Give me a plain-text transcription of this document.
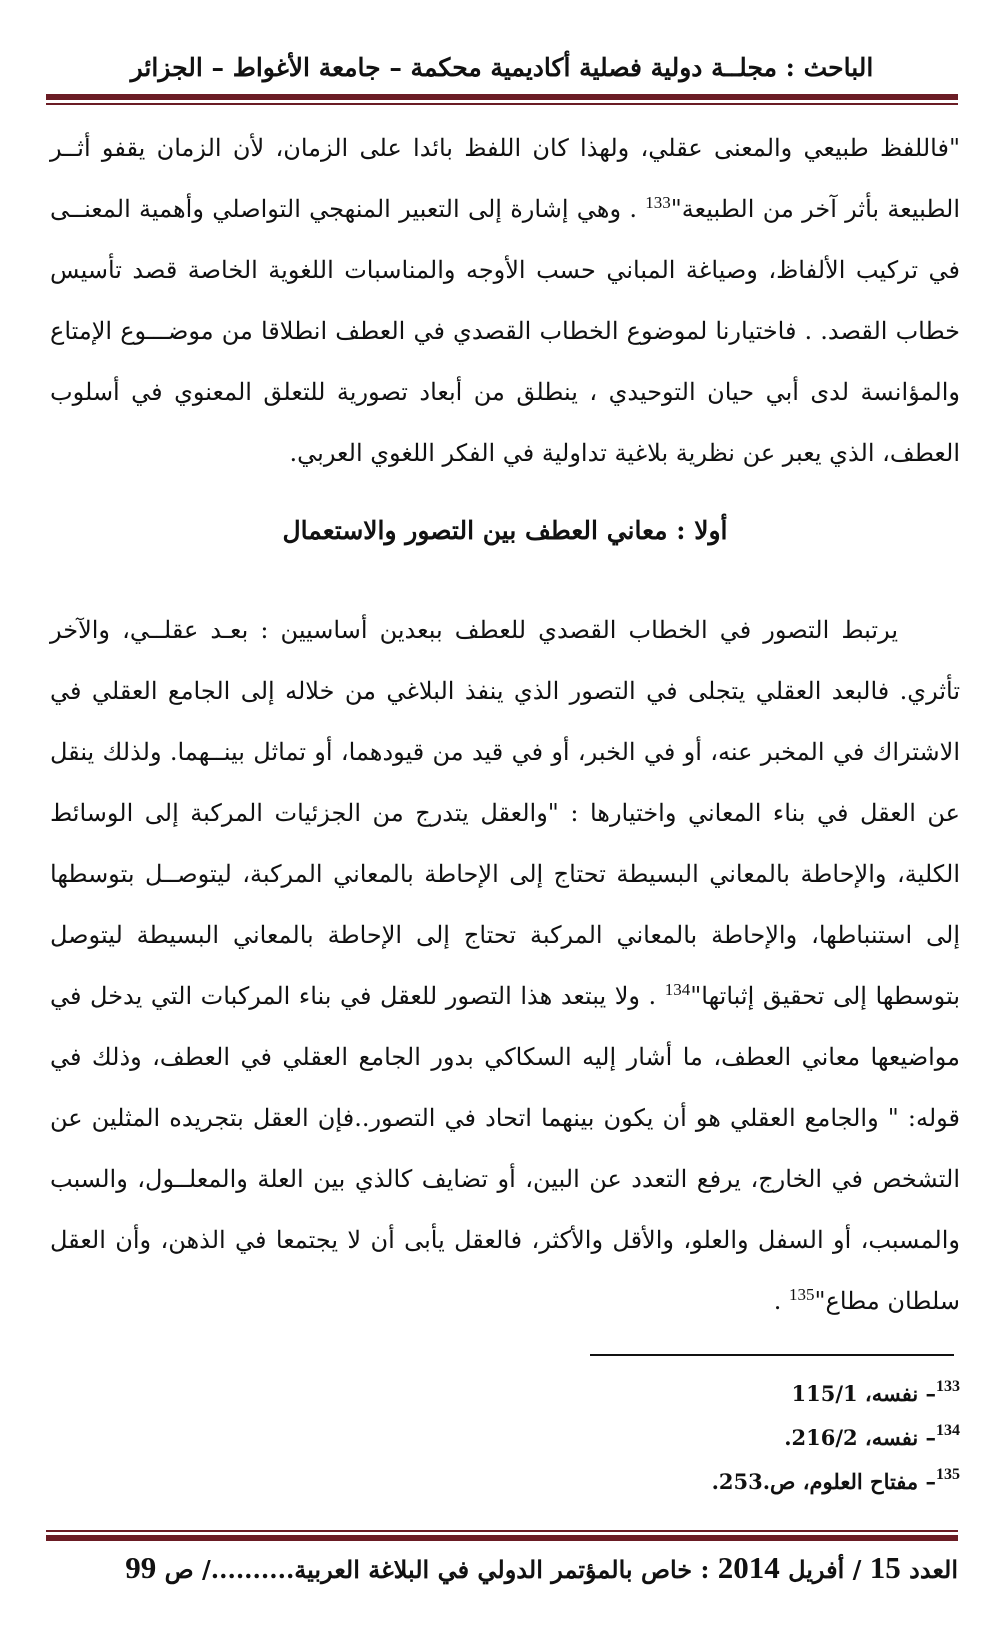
الباحث : مجلــة دولية فصلية أكاديمية محكمة – جامعة الأغواط – الجزائر

"فاللفظ طبيعي والمعنى عقلي، ولهذا كان اللفظ بائدا على الزمان، لأن الزمان يقفو أثــر الطبيعة بأثر آخر من الطبيعة"$^{133}$ . وهي إشارة إلى التعبير المنهجي التواصلي وأهمية المعنــى في تركيب الألفاظ، وصياغة المباني حسب الأوجه والمناسبات اللغوية الخاصة قصد تأسيس خطاب القصد. . فاختيارنا لموضوع الخطاب القصدي في العطف انطلاقا من موضـــوع الإمتاع والمؤانسة لدى أبي حيان التوحيدي ، ينطلق من أبعاد تصورية للتعلق المعنوي في أسلوب العطف، الذي يعبر عن نظرية بلاغية تداولية في الفكر اللغوي العربي.

أولا : معاني العطف بين التصور والاستعمال

يرتبط التصور في الخطاب القصدي للعطف ببعدين أساسيين : بعـد عقلــي، والآخر تأثري. فالبعد العقلي يتجلى في التصور الذي ينفذ البلاغي من خلاله إلى الجامع العقلي في الاشتراك في المخبر عنه، أو في الخبر، أو في قيد من قيودهما، أو تماثل بينــهما. ولذلك ينقل عن العقل في بناء المعاني واختيارها : "والعقل يتدرج من الجزئيات المركبة إلى الوسائط الكلية، والإحاطة بالمعاني البسيطة تحتاج إلى الإحاطة بالمعاني المركبة، ليتوصــل بتوسطها إلى استنباطها، والإحاطة بالمعاني المركبة تحتاج إلى الإحاطة بالمعاني البسيطة ليتوصل بتوسطها إلى تحقيق إثباتها"$^{134}$ . ولا يبتعد هذا التصور للعقل في بناء المركبات التي يدخل في مواضيعها معاني العطف، ما أشار إليه السكاكي بدور الجامع العقلي في العطف، وذلك في قوله: " والجامع العقلي هو أن يكون بينهما اتحاد في التصور..فإن العقل بتجريده المثلين عن التشخص في الخارج، يرفع التعدد عن البين، أو تضايف كالذي بين العلة والمعلــول، والسبب والمسبب، أو السفل والعلو، والأقل والأكثر، فالعقل يأبى أن لا يجتمعا في الذهن، وأن العقل سلطان مطاع"$^{135}$ .

$^{133}$– نفسه، 115/1
$^{134}$– نفسه، 216/2.
$^{135}$– مفتاح العلوم، ص.253.
العدد 15 / أفريل 2014 : خاص بالمؤتمر الدولي في البلاغة العربية........../ ص 99
